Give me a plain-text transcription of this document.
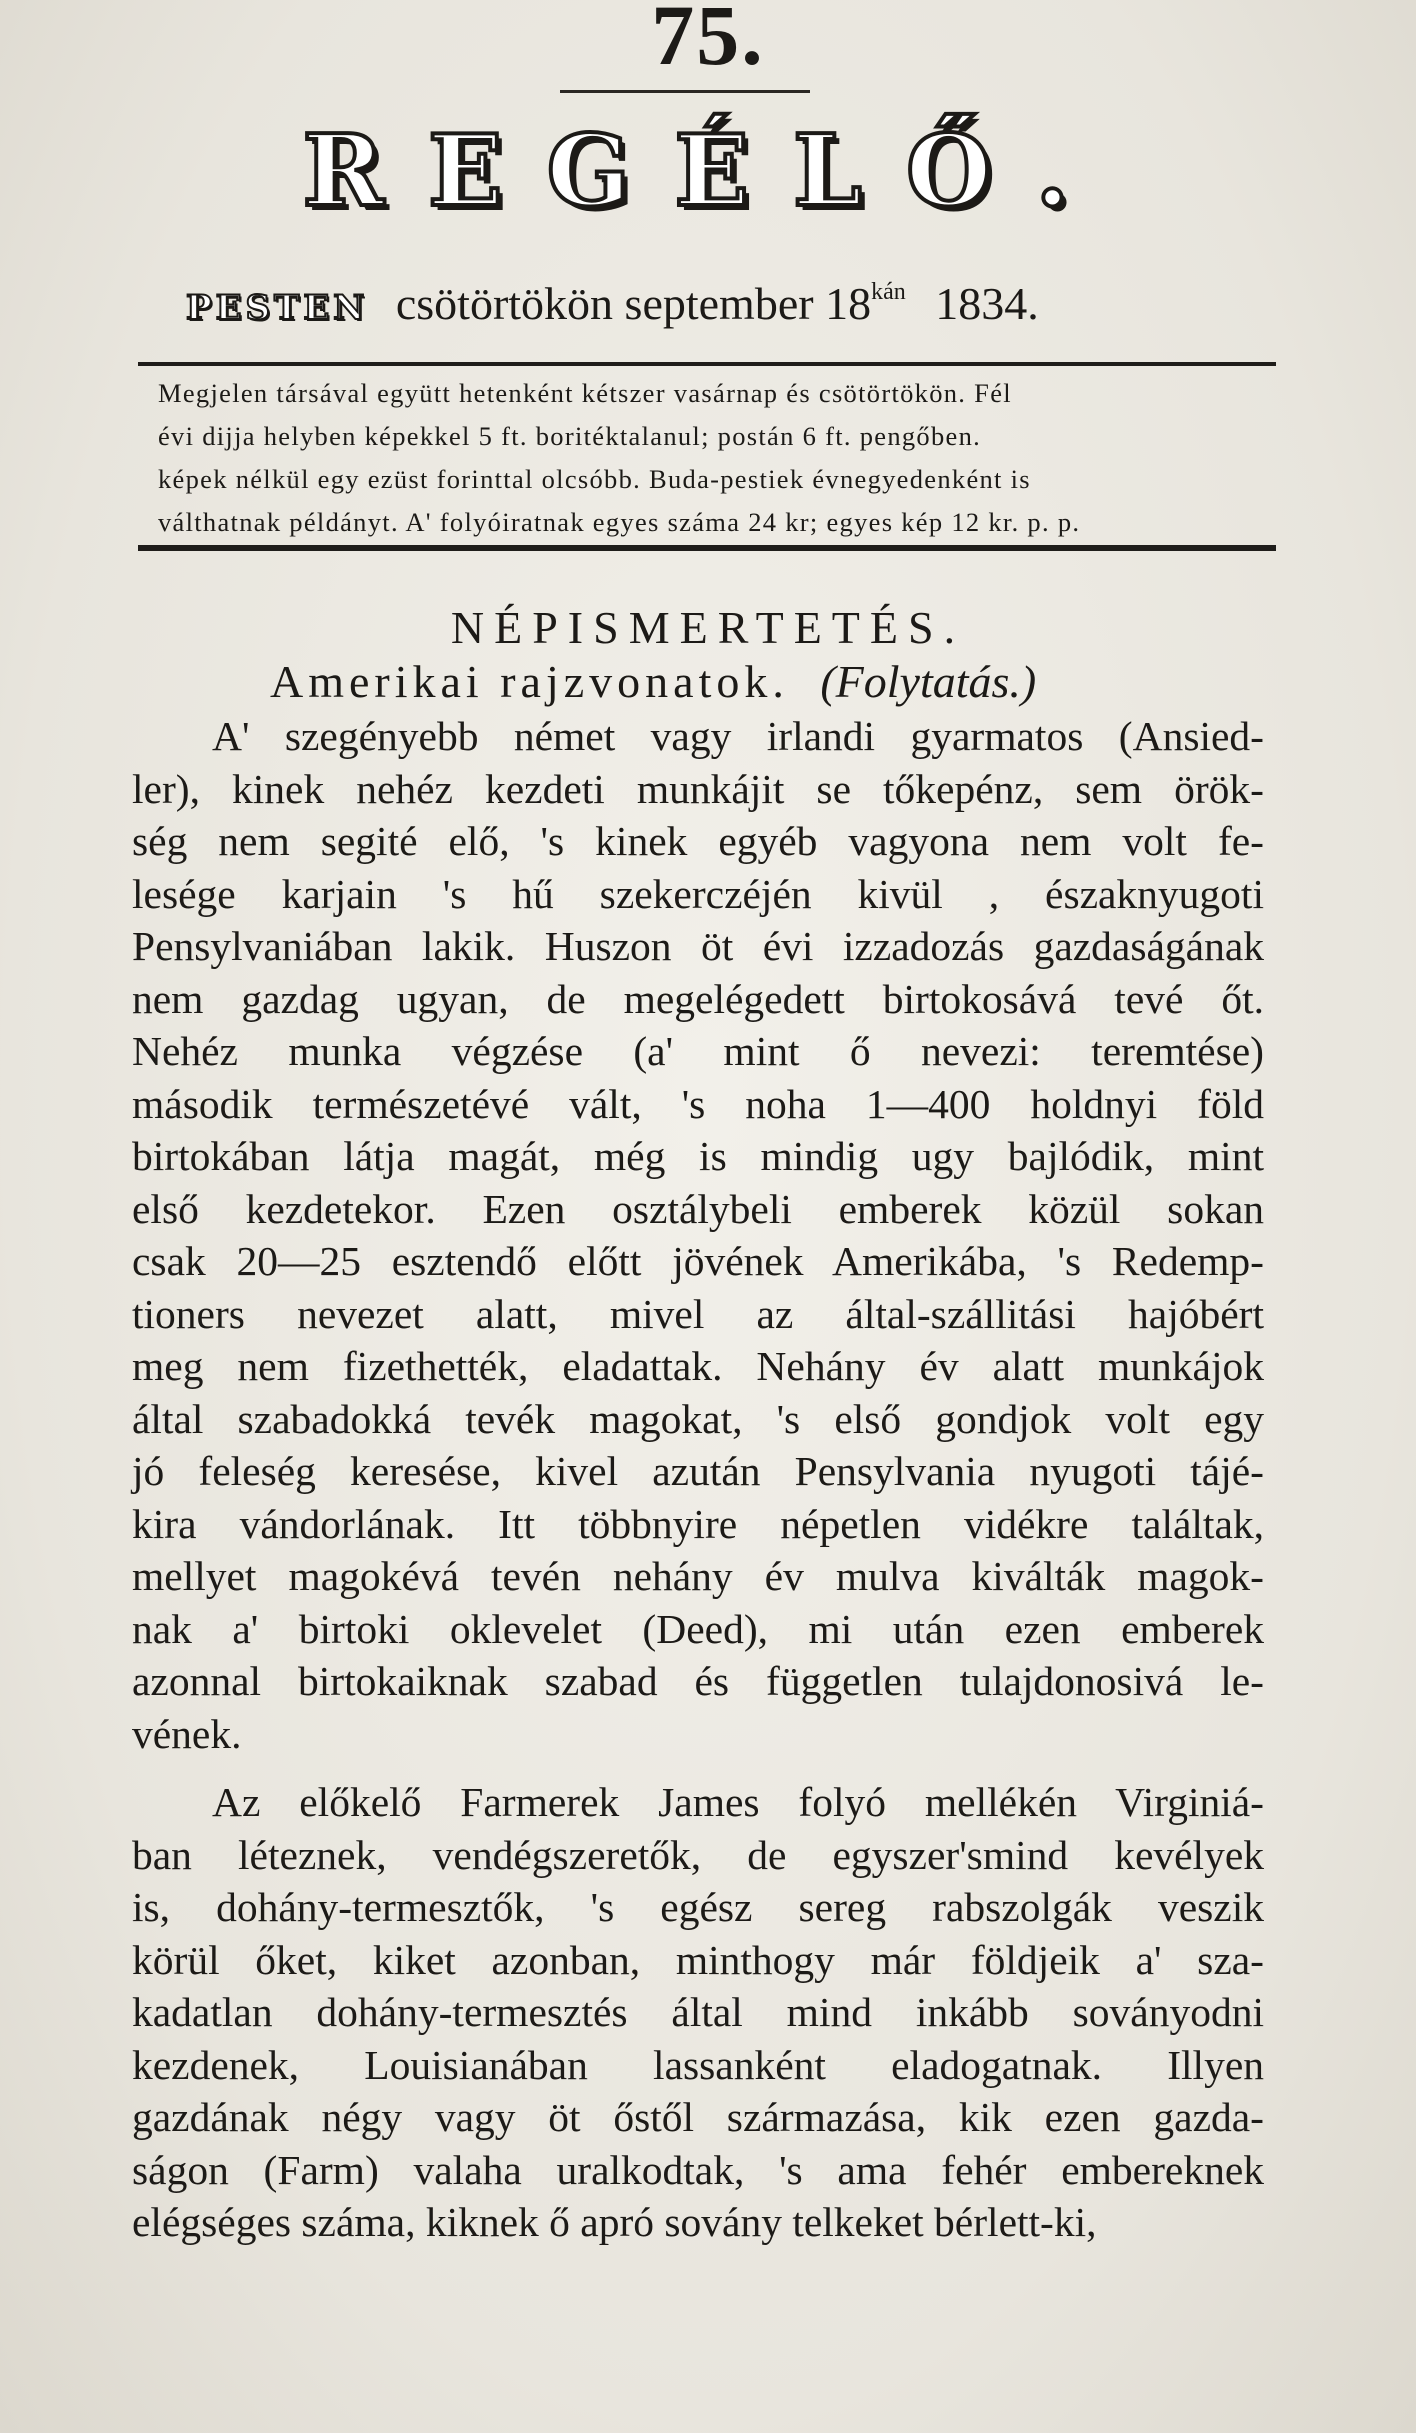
75.
REGÉLŐ.
PESTEN csötörtökön september $18^{kán}$ 1834.
Megjelen társával együtt hetenként kétszer vasárnap és csötörtökön. Fél
évi dijja helyben képekkel 5 ft. boritéktalanul; postán 6 ft. pengőben.
képek nélkül egy ezüst forinttal olcsóbb. Buda-pestiek évnegyedenként is
válthatnak példányt. A' folyóiratnak egyes száma 24 kr; egyes kép 12 kr. p. p.
NÉPISMERTETÉS.
Amerikai rajzvonatok. (Folytatás.)
A' szegényebb német vagy irlandi gyarmatos (Ansied-
ler), kinek nehéz kezdeti munkájit se tőkepénz, sem örök-
ség nem segité elő, 's kinek egyéb vagyona nem volt fe-
lesége karjain 's hű szekerczéjén kivül , északnyugoti
Pensylvaniában lakik. Huszon öt évi izzadozás gazdaságának
nem gazdag ugyan, de megelégedett birtokosává tevé őt.
Nehéz munka végzése (a' mint ő nevezi: teremtése)
második természetévé vált, 's noha 1—400 holdnyi föld
birtokában látja magát, még is mindig ugy bajlódik, mint
első kezdetekor. Ezen osztálybeli emberek közül sokan
csak 20—25 esztendő előtt jövének Amerikába, 's Redemp-
tioners nevezet alatt, mivel az által-szállitási hajóbért
meg nem fizethették, eladattak. Nehány év alatt munkájok
által szabadokká tevék magokat, 's első gondjok volt egy
jó feleség keresése, kivel azután Pensylvania nyugoti tájé-
kira vándorlának. Itt többnyire népetlen vidékre találtak,
mellyet magokévá tevén nehány év mulva kiválták magok-
nak a' birtoki oklevelet (Deed), mi után ezen emberek
azonnal birtokaiknak szabad és független tulajdonosivá le-
vének.
Az előkelő Farmerek James folyó mellékén Virginiá-
ban léteznek, vendégszeretők, de egyszer'smind kevélyek
is, dohány-termesztők, 's egész sereg rabszolgák veszik
körül őket, kiket azonban, minthogy már földjeik a' sza-
kadatlan dohány-termesztés által mind inkább soványodni
kezdenek, Louisianában lassanként eladogatnak. Illyen
gazdának négy vagy öt őstől származása, kik ezen gazda-
ságon (Farm) valaha uralkodtak, 's ama fehér embereknek
elégséges száma, kiknek ő apró sovány telkeket bérlett-ki,
